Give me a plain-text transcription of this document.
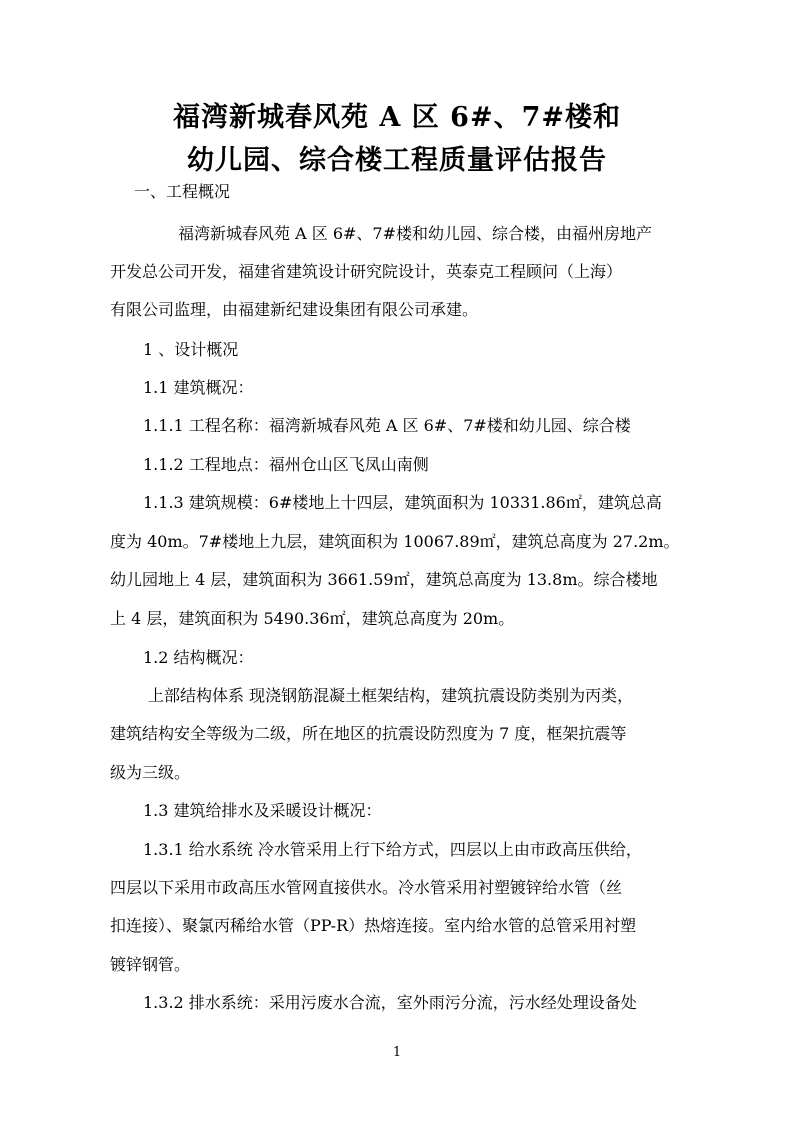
福湾新城春风苑 A 区 6#、7#楼和
幼儿园、综合楼工程质量评估报告
一、工程概况
福湾新城春风苑 A 区 6#、7#楼和幼儿园、综合楼，由福州房地产
开发总公司开发，福建省建筑设计研究院设计，英泰克工程顾问（上海）
有限公司监理，由福建新纪建设集团有限公司承建。
1 、设计概况
1.1 建筑概况：
1.1.1 工程名称：福湾新城春风苑 A 区 6#、7#楼和幼儿园、综合楼
1.1.2 工程地点：福州仓山区飞凤山南侧
1.1.3 建筑规模：6#楼地上十四层，建筑面积为 10331.86㎡，建筑总高
度为 40m。7#楼地上九层，建筑面积为 10067.89㎡，建筑总高度为 27.2m。
幼儿园地上 4 层，建筑面积为 3661.59㎡，建筑总高度为 13.8m。综合楼地
上 4 层，建筑面积为 5490.36㎡，建筑总高度为 20m。
1.2 结构概况：
上部结构体系 现浇钢筋混凝土框架结构，建筑抗震设防类别为丙类，
建筑结构安全等级为二级，所在地区的抗震设防烈度为 7 度，框架抗震等
级为三级。
1.3 建筑给排水及采暖设计概况：
1.3.1 给水系统 冷水管采用上行下给方式，四层以上由市政高压供给，
四层以下采用市政高压水管网直接供水。冷水管采用衬塑镀锌给水管（丝
扣连接）、聚氯丙稀给水管（PP-R）热熔连接。室内给水管的总管采用衬塑
镀锌钢管。
1.3.2 排水系统：采用污废水合流，室外雨污分流，污水经处理设备处
1
